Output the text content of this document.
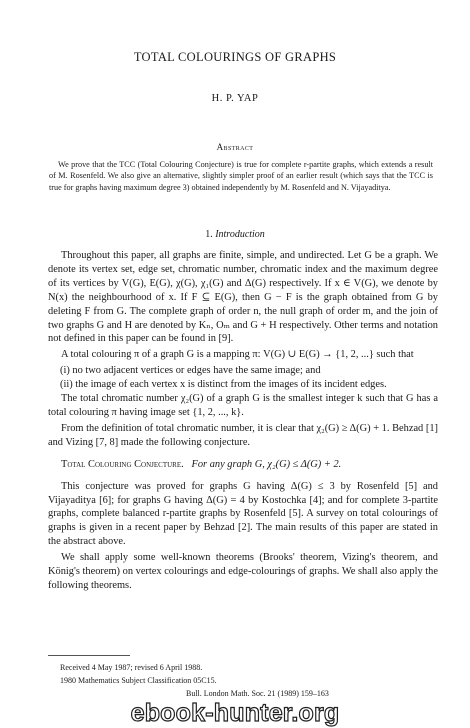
TOTAL COLOURINGS OF GRAPHS
H. P. YAP
Abstract

We prove that the TCC (Total Colouring Conjecture) is true for complete r-partite graphs, which extends a result of M. Rosenfeld. We also give an alternative, slightly simpler proof of an earlier result (which says that the TCC is true for graphs having maximum degree 3) obtained independently by M. Rosenfeld and N. Vijayaditya.

1. Introduction

Throughout this paper, all graphs are finite, simple, and undirected. Let G be a graph. We denote its vertex set, edge set, chromatic number, chromatic index and the maximum degree of its vertices by V(G), E(G), χ(G), χ₁(G) and Δ(G) respectively. If x ∈ V(G), we denote by N(x) the neighbourhood of x. If F ⊆ E(G), then G − F is the graph obtained from G by deleting F from G. The complete graph of order n, the null graph of order m, and the join of two graphs G and H are denoted by Kₙ, Oₘ and G + H respectively. Other terms and notation not defined in this paper can be found in [9].

A total colouring π of a graph G is a mapping π: V(G) ∪ E(G) → {1, 2, ...} such that

(i) no two adjacent vertices or edges have the same image; and

(ii) the image of each vertex x is distinct from the images of its incident edges.

The total chromatic number χ₂(G) of a graph G is the smallest integer k such that G has a total colouring π having image set {1, 2, ..., k}.

From the definition of total chromatic number, it is clear that χ₂(G) ≥ Δ(G) + 1. Behzad [1] and Vizing [7, 8] made the following conjecture.

Total Colouring Conjecture. For any graph G, χ₂(G) ≤ Δ(G) + 2.

This conjecture was proved for graphs G having Δ(G) ≤ 3 by Rosenfeld [5] and Vijayaditya [6]; for graphs G having Δ(G) = 4 by Kostochka [4]; and for complete 3-partite graphs, complete balanced r-partite graphs by Rosenfeld [5]. A survey on total colourings of graphs is given in a recent paper by Behzad [2]. The main results of this paper are stated in the abstract above.

We shall apply some well-known theorems (Brooks' theorem, Vizing's theorem, and König's theorem) on vertex colourings and edge-colourings of graphs. We shall also apply the following theorems.

Received 4 May 1987; revised 6 April 1988.
1980 Mathematics Subject Classification 05C15.
Bull. London Math. Soc. 21 (1989) 159–163
ebook-hunter.org
